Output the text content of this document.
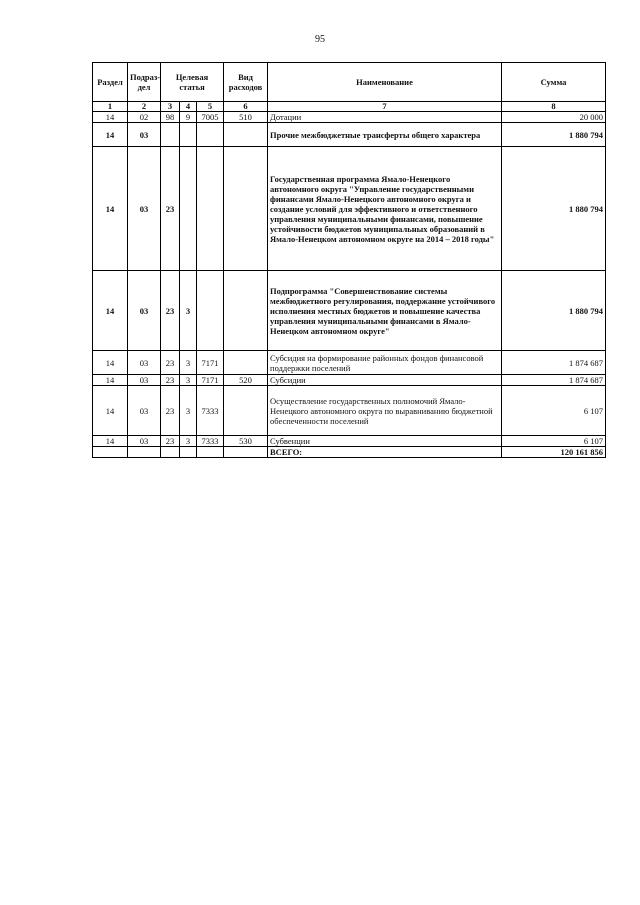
95
Раздел	Подраз-дел	Целевая статья			Вид расходов	Наименование	Сумма
1	2	3	4	5	6	7	8
14	02	98	9	7005	510	Дотации	20 000
14	03					Прочие межбюджетные трансферты общего характера	1 880 794
14	03	23				Государственная программа Ямало-Ненецкого автономного округа "Управление государственными финансами Ямало-Ненецкого автономного округа и создание условий для эффективного и ответственного управления муниципальными финансами, повышение устойчивости бюджетов муниципальных образований в Ямало-Ненецком автономном округе на 2014 – 2018 годы"	1 880 794
14	03	23	3			Подпрограмма "Совершенствование системы межбюджетного регулирования, поддержание устойчивого исполнения местных бюджетов и повышение качества управления муниципальными финансами в Ямало-Ненецком автономном округе"	1 880 794
14	03	23	3	7171		Субсидия на формирование районных фондов финансовой поддержки поселений	1 874 687
14	03	23	3	7171	520	Субсидии	1 874 687
14	03	23	3	7333		Осуществление государственных полномочий Ямало-Ненецкого автономного округа по выравниванию бюджетной обеспеченности поселений	6 107
14	03	23	3	7333	530	Субвенции	6 107
						ВСЕГО:	120 161 856
